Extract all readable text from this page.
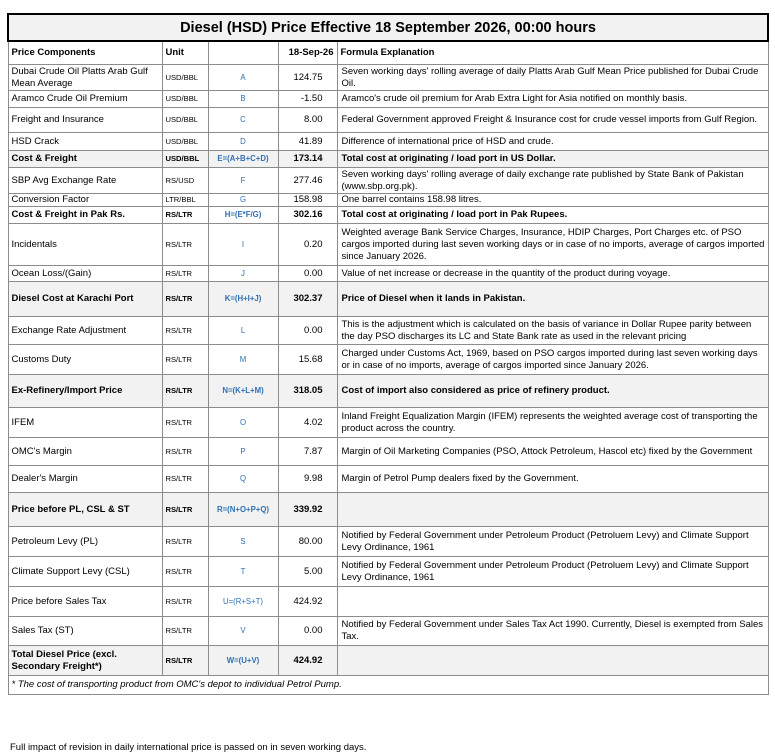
Diesel (HSD) Price Effective 18 September 2026, 00:00 hours				
Price Components	Unit		18-Sep-26	Formula Explanation
Dubai Crude Oil Platts Arab Gulf Mean Average	USD/BBL	A	124.75	Seven working days' rolling average of daily Platts Arab Gulf Mean Price published for Dubai Crude Oil.
Aramco Crude Oil Premium	USD/BBL	B	-1.50	Aramco's crude oil premium for Arab Extra Light for Asia notified on monthly basis.
Freight and Insurance	USD/BBL	C	8.00	Federal Government approved Freight & Insurance cost for crude vessel imports from Gulf Region.
HSD Crack	USD/BBL	D	41.89	Difference of international price of HSD and crude.
Cost & Freight	USD/BBL	E=(A+B+C+D)	173.14	Total cost at originating / load port in US Dollar.
SBP Avg Exchange Rate	RS/USD	F	277.46	Seven working days' rolling average of daily exchange rate published by State Bank of Pakistan (www.sbp.org.pk).
Conversion Factor	LTR/BBL	G	158.98	One barrel contains 158.98 litres.
Cost & Freight in Pak Rs.	RS/LTR	H=(E*F/G)	302.16	Total cost at originating / load port in Pak Rupees.
Incidentals	RS/LTR	I	0.20	Weighted average Bank Service Charges, Insurance, HDIP Charges, Port Charges etc. of PSO cargos imported during last seven working days or in case of no imports, average of cargos imported since January 2026.
Ocean Loss/(Gain)	RS/LTR	J	0.00	Value of net increase or decrease in the quantity of the product during voyage.
Diesel Cost at Karachi Port	RS/LTR	K=(H+I+J)	302.37	Price of Diesel when it lands in Pakistan.
Exchange Rate Adjustment	RS/LTR	L	0.00	This is the adjustment which is calculated on the basis of variance in Dollar Rupee parity between the day PSO discharges its LC and State Bank rate as used in the relevant pricing
Customs Duty	RS/LTR	M	15.68	Charged under Customs Act, 1969, based on PSO cargos imported during last seven working days or in case of no imports, average of cargos imported since January 2026.
Ex-Refinery/Import Price	RS/LTR	N=(K+L+M)	318.05	Cost of import also considered as price of refinery product.
IFEM	RS/LTR	O	4.02	Inland Freight Equalization Margin (IFEM) represents the weighted average cost of transporting the product across the country.
OMC's Margin	RS/LTR	P	7.87	Margin of Oil Marketing Companies (PSO, Attock Petroleum, Hascol etc) fixed by the Government
Dealer's Margin	RS/LTR	Q	9.98	Margin of Petrol Pump dealers fixed by the Government.
Price before PL, CSL & ST	RS/LTR	R=(N+O+P+Q)	339.92	
Petroleum Levy (PL)	RS/LTR	S	80.00	Notified by Federal Government under Petroleum Product (Petroluem Levy) and Climate Support Levy Ordinance, 1961
Climate Support Levy (CSL)	RS/LTR	T	5.00	Notified by Federal Government under Petroleum Product (Petroluem Levy) and Climate Support Levy Ordinance, 1961
Price before Sales Tax	RS/LTR	U=(R+S+T)	424.92	
Sales Tax (ST)	RS/LTR	V	0.00	Notified by Federal Government under Sales Tax Act 1990. Currently, Diesel is exempted from Sales Tax.
Total Diesel Price (excl. Secondary Freight*)	RS/LTR	W=(U+V)	424.92	
* The cost of transporting product from OMC's depot to individual Petrol Pump.				
Full impact of revision in daily international price is passed on in seven working days.
